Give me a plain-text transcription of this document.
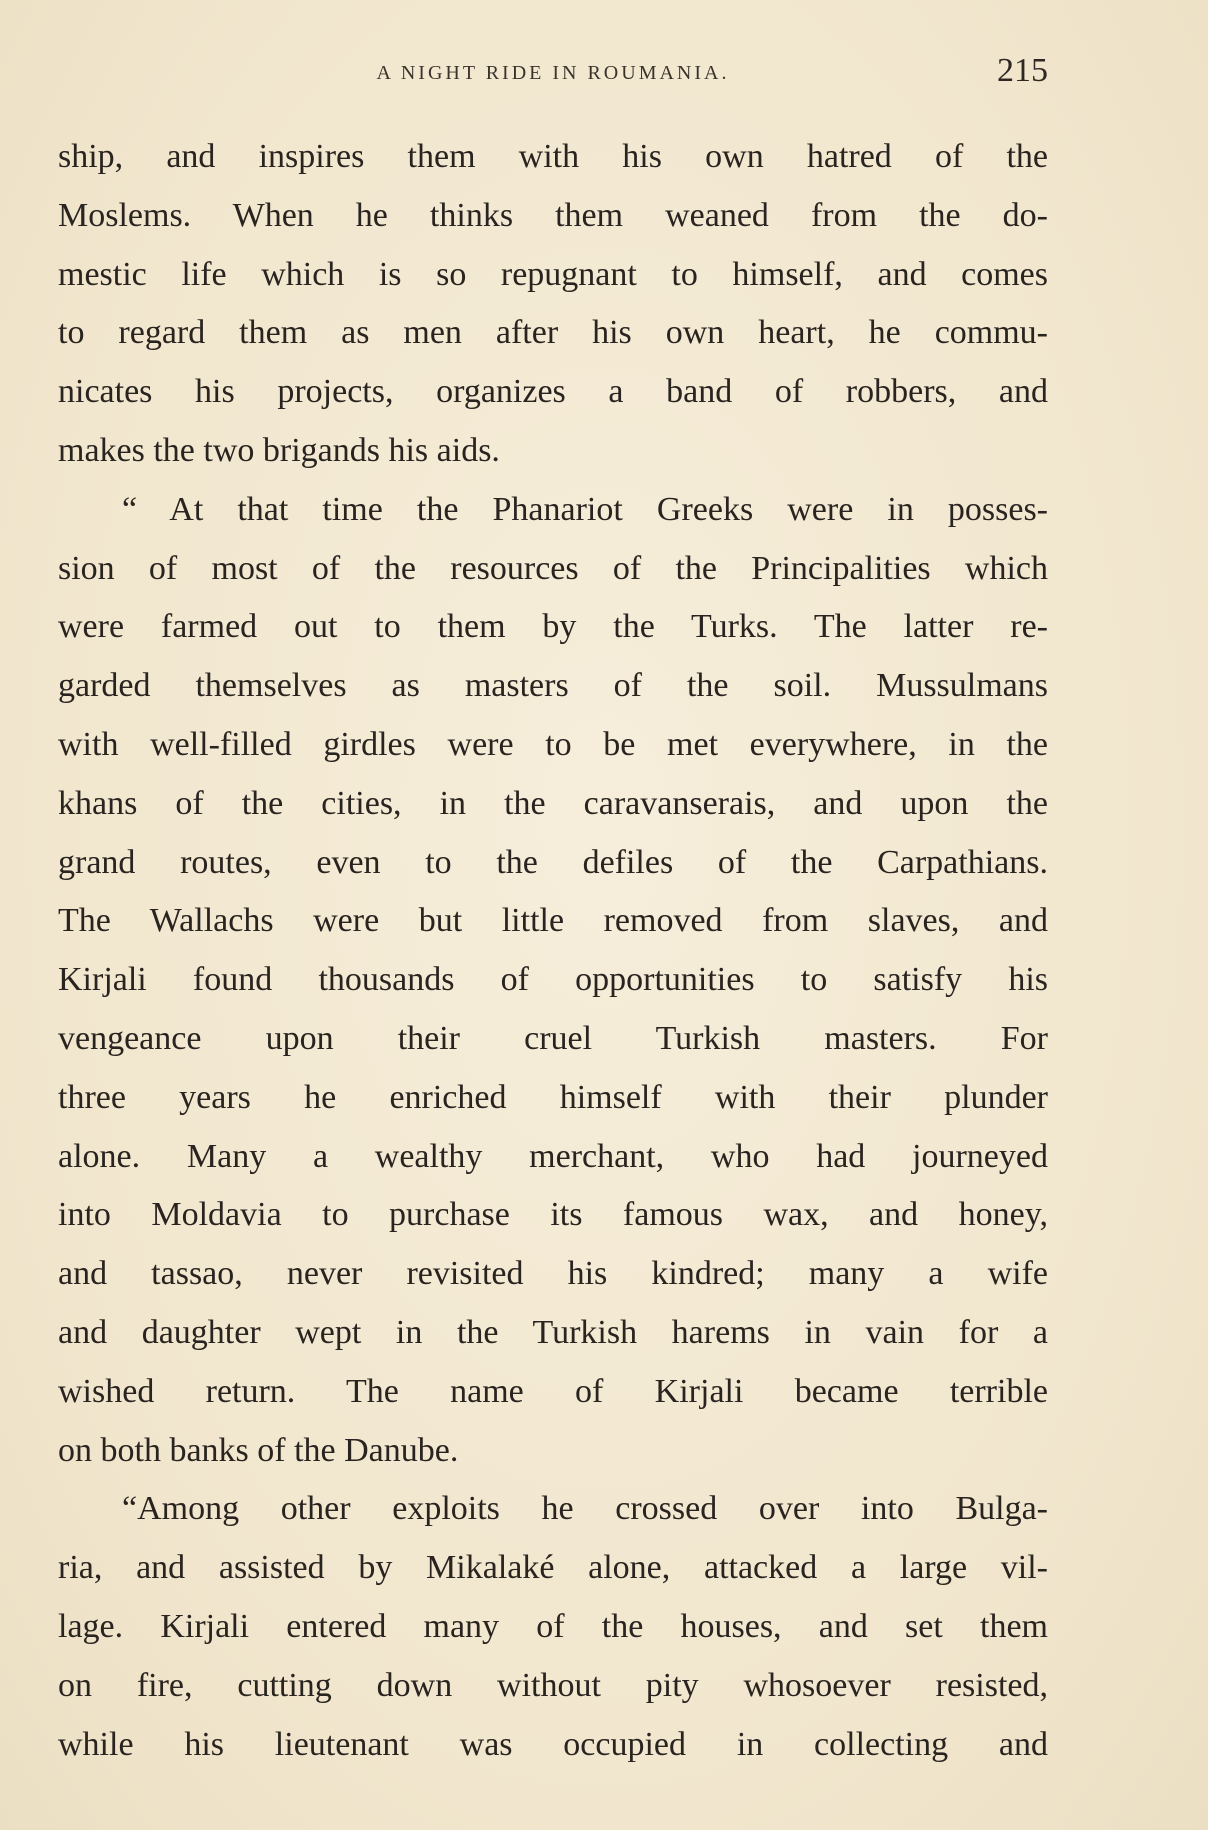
A NIGHT RIDE IN ROUMANIA.	215
ship, and inspires them with his own hatred of the
Moslems. When he thinks them weaned from the do-
mestic life which is so repugnant to himself, and comes
to regard them as men after his own heart, he commu-
nicates his projects, organizes a band of robbers, and
makes the two brigands his aids.
“ At that time the Phanariot Greeks were in posses-
sion of most of the resources of the Principalities which
were farmed out to them by the Turks. The latter re-
garded themselves as masters of the soil. Mussulmans
with well-filled girdles were to be met everywhere, in the
khans of the cities, in the caravanserais, and upon the
grand routes, even to the defiles of the Carpathians.
The Wallachs were but little removed from slaves, and
Kirjali found thousands of opportunities to satisfy his
vengeance upon their cruel Turkish masters. For
three years he enriched himself with their plunder
alone. Many a wealthy merchant, who had journeyed
into Moldavia to purchase its famous wax, and honey,
and tassao, never revisited his kindred; many a wife
and daughter wept in the Turkish harems in vain for a
wished return. The name of Kirjali became terrible
on both banks of the Danube.
“Among other exploits he crossed over into Bulga-
ria, and assisted by Mikalaké alone, attacked a large vil-
lage. Kirjali entered many of the houses, and set them
on fire, cutting down without pity whosoever resisted,
while his lieutenant was occupied in collecting and
